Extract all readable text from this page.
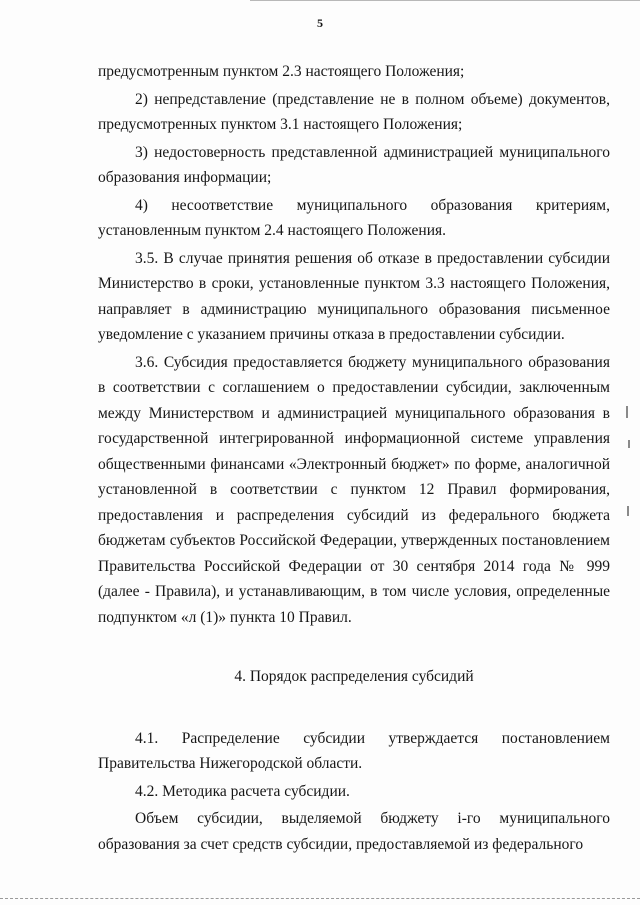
5

предусмотренным пунктом 2.3 настоящего Положения;

2) непредставление (представление не в полном объеме) документов, предусмотренных пунктом 3.1 настоящего Положения;

3) недостоверность представленной администрацией муниципального образования информации;

4) несоответствие муниципального образования критериям,

установленным пунктом 2.4 настоящего Положения.

3.5. В случае принятия решения об отказе в предоставлении субсидии Министерство в сроки, установленные пунктом 3.3 настоящего Положения, направляет в администрацию муниципального образования письменное уведомление с указанием причины отказа в предоставлении субсидии.

3.6. Субсидия предоставляется бюджету муниципального образования в соответствии с соглашением о предоставлении субсидии, заключенным между Министерством и администрацией муниципального образования в государственной интегрированной информационной системе управления общественными финансами «Электронный бюджет» по форме, аналогичной установленной в соответствии с пунктом 12 Правил формирования, предоставления и распределения субсидий из федерального бюджета бюджетам субъектов Российской Федерации, утвержденных постановлением Правительства Российской Федерации от 30 сентября 2014 года № 999 (далее - Правила), и устанавливающим, в том числе условия, определенные подпунктом «л (1)» пункта 10 Правил.

4. Порядок распределения субсидий

4.1. Распределение субсидии утверждается постановлением

Правительства Нижегородской области.

4.2. Методика расчета субсидии.

Объем субсидии, выделяемой бюджету i-го муниципального образования за счет средств субсидии, предоставляемой из федерального
